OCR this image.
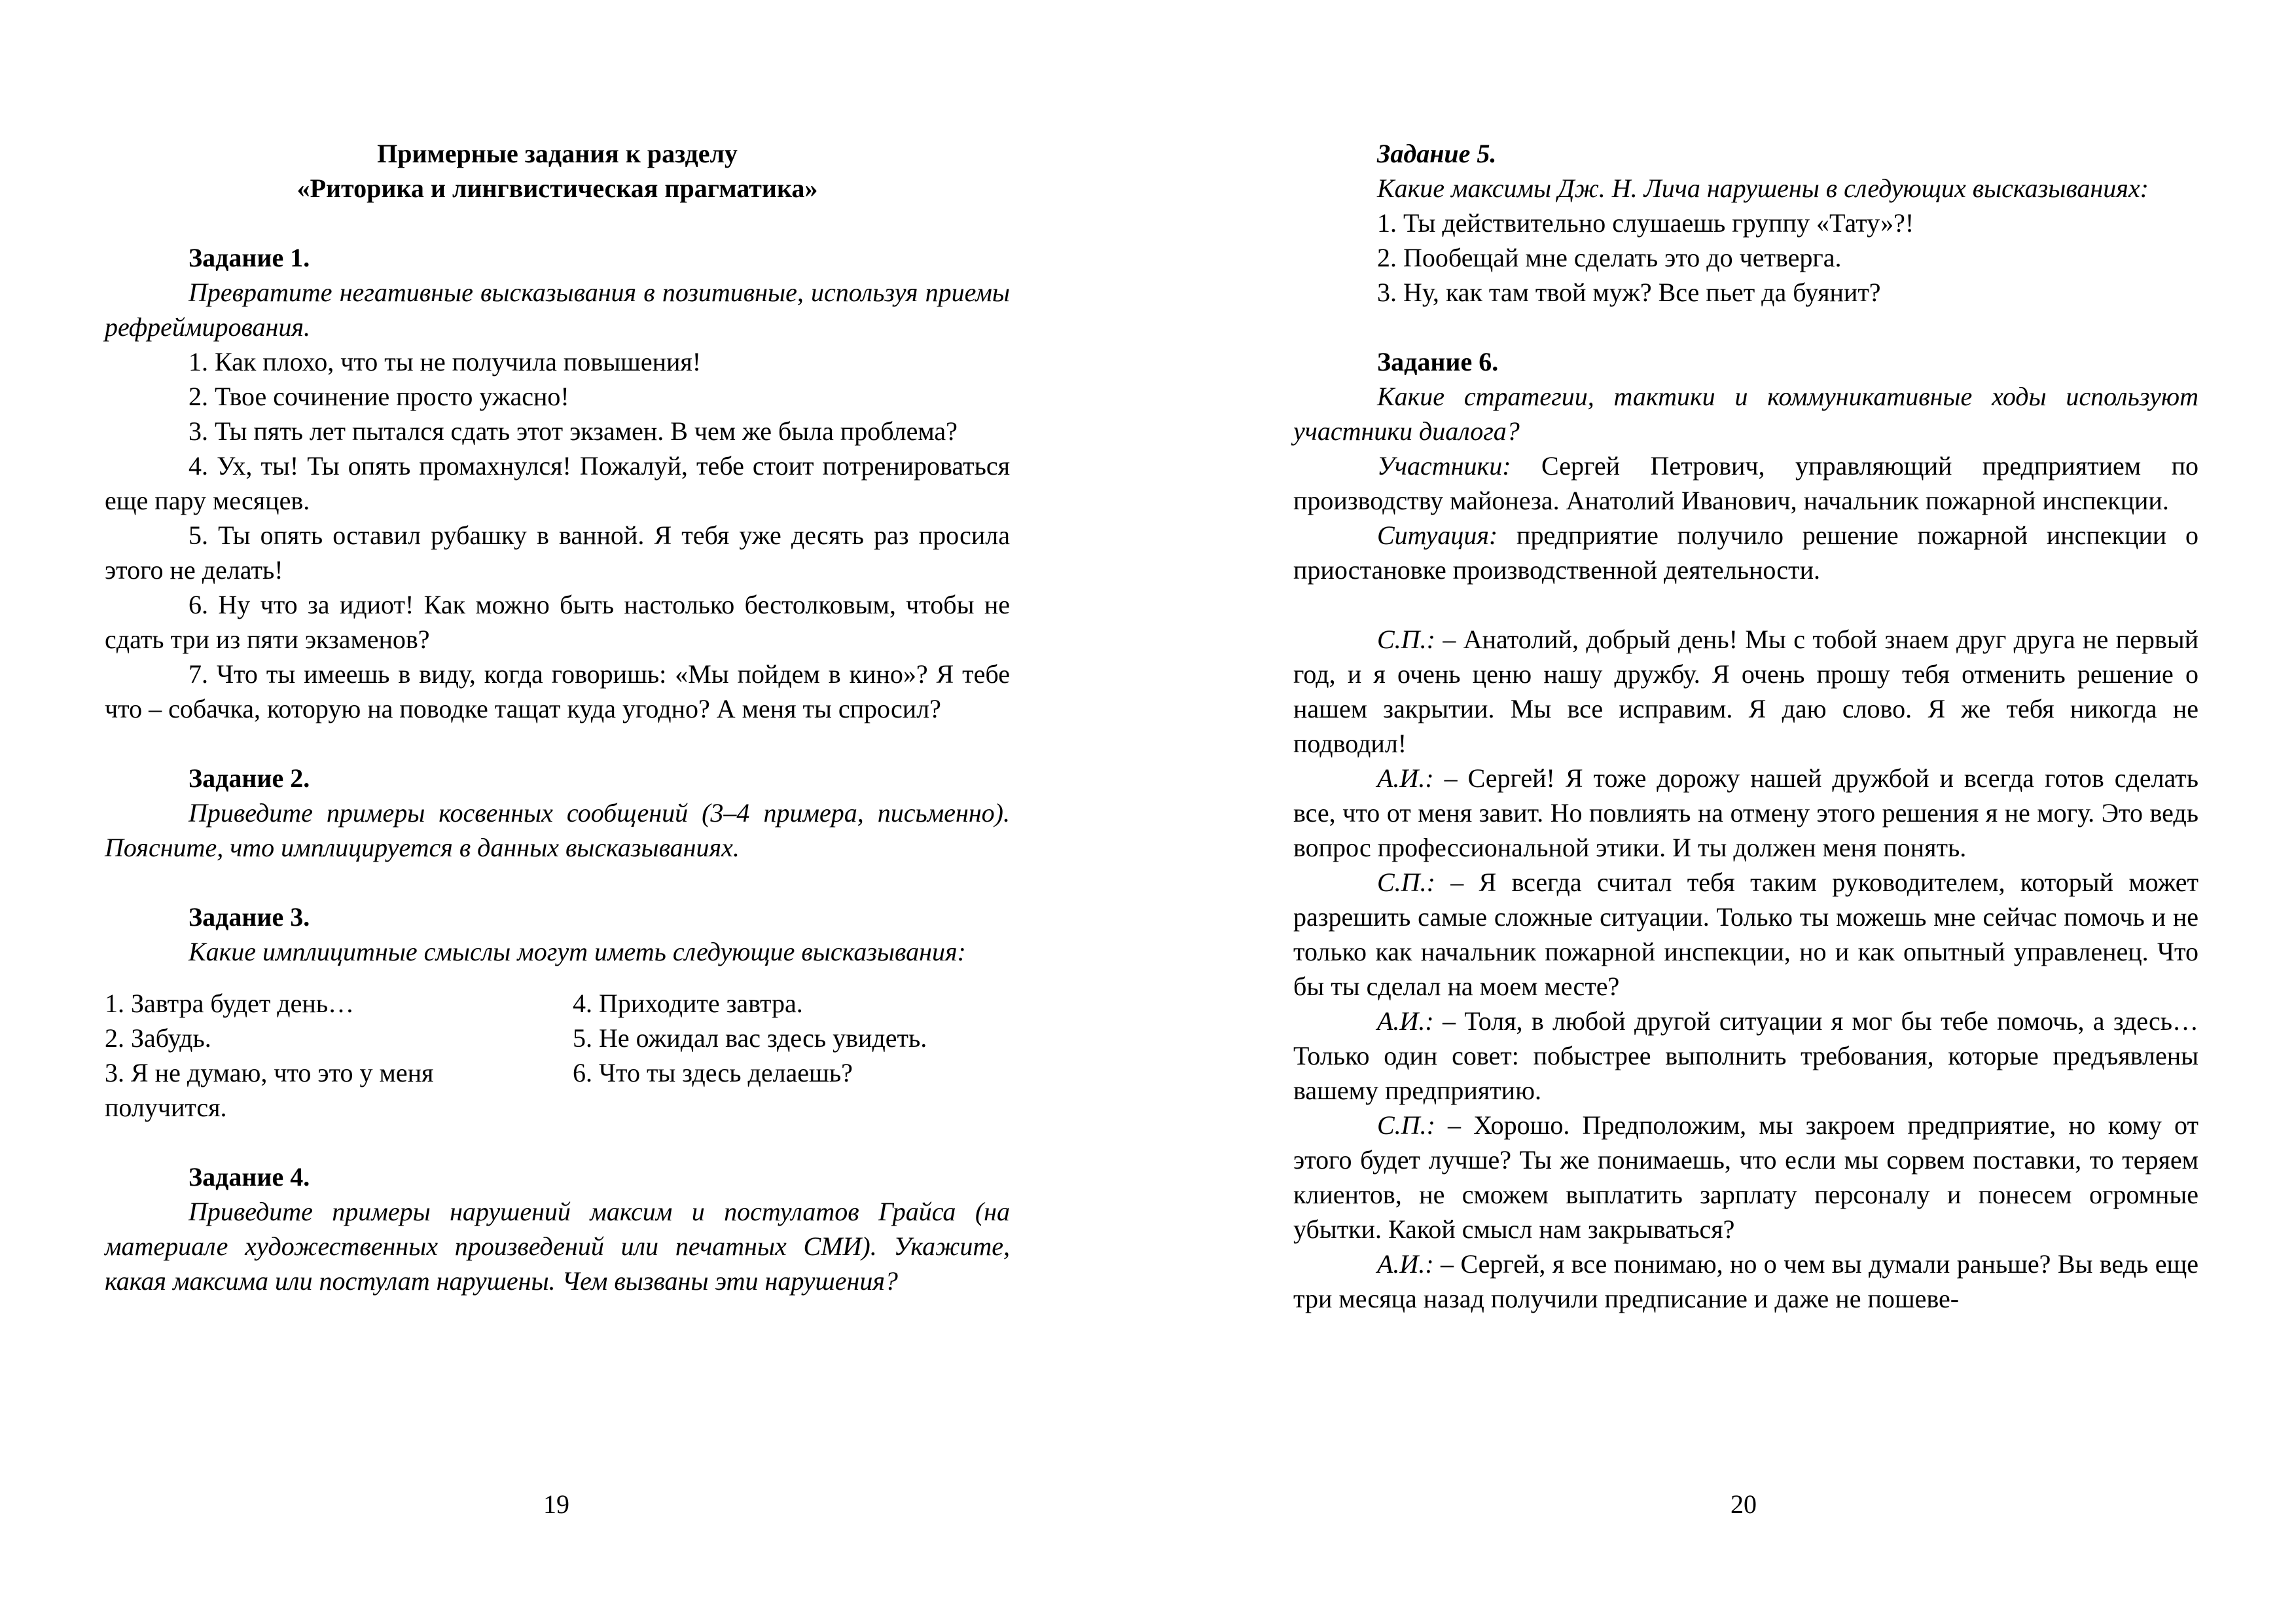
Примерные задания к разделу

«Риторика и лингвистическая прагматика»

Задание 1.

Превратите негативные высказывания в позитивные, используя приемы рефреймирования.

1. Как плохо, что ты не получила повышения!

2. Твое сочинение просто ужасно!

3. Ты пять лет пытался сдать этот экзамен. В чем же была проблема?

4. Ух, ты! Ты опять промахнулся! Пожалуй, тебе стоит потренироваться еще пару месяцев.

5. Ты опять оставил рубашку в ванной. Я тебя уже десять раз просила этого не делать!

6. Ну что за идиот! Как можно быть настолько бестолковым, чтобы не сдать три из пяти экзаменов?

7. Что ты имеешь в виду, когда говоришь: «Мы пойдем в кино»? Я тебе что – собачка, которую на поводке тащат куда угодно? А меня ты спросил?

Задание 2.

Приведите примеры косвенных сообщений (3–4 примера, письменно). Поясните, что имплицируется в данных высказываниях.

Задание 3.

Какие имплицитные смыслы могут иметь следующие высказывания:

1. Завтра будет день…	4. Приходите завтра.

2. Забудь.	5. Не ожидал вас здесь увидеть.

3. Я не думаю, что это у меня получится.

6. Что ты здесь делаешь?

Задание 4.

Приведите примеры нарушений максим и постулатов Грайса (на материале художественных произведений или печатных СМИ). Укажите, какая максима или постулат нарушены. Чем вызваны эти нарушения?

19

Задание 5.

Какие максимы Дж. Н. Лича нарушены в следующих высказываниях:

1. Ты действительно слушаешь группу «Тату»?!

2. Пообещай мне сделать это до четверга.

3. Ну, как там твой муж? Все пьет да буянит?

Задание 6.

Какие стратегии, тактики и коммуникативные ходы используют участники диалога?

Участники: Сергей Петрович, управляющий предприятием по производству майонеза. Анатолий Иванович, начальник пожарной инспекции.

Ситуация: предприятие получило решение пожарной инспекции о приостановке производственной деятельности.

С.П.: – Анатолий, добрый день! Мы с тобой знаем друг друга не первый год, и я очень ценю нашу дружбу. Я очень прошу тебя отменить решение о нашем закрытии. Мы все исправим. Я даю слово. Я же тебя никогда не подводил!

А.И.: – Сергей! Я тоже дорожу нашей дружбой и всегда готов сделать все, что от меня завит. Но повлиять на отмену этого решения я не могу. Это ведь вопрос профессиональной этики. И ты должен меня понять.

С.П.: – Я всегда считал тебя таким руководителем, который может разрешить самые сложные ситуации. Только ты можешь мне сейчас помочь и не только как начальник пожарной инспекции, но и как опытный управленец. Что бы ты сделал на моем месте?

А.И.: – Толя, в любой другой ситуации я мог бы тебе помочь, а здесь… Только один совет: побыстрее выполнить требования, которые предъявлены вашему предприятию.

С.П.: – Хорошо. Предположим, мы закроем предприятие, но кому от этого будет лучше? Ты же понимаешь, что если мы сорвем поставки, то теряем клиентов, не сможем выплатить зарплату персоналу и понесем огромные убытки. Какой смысл нам закрываться?

А.И.: – Сергей, я все понимаю, но о чем вы думали раньше? Вы ведь еще три месяца назад получили предписание и даже не пошеве-

20
